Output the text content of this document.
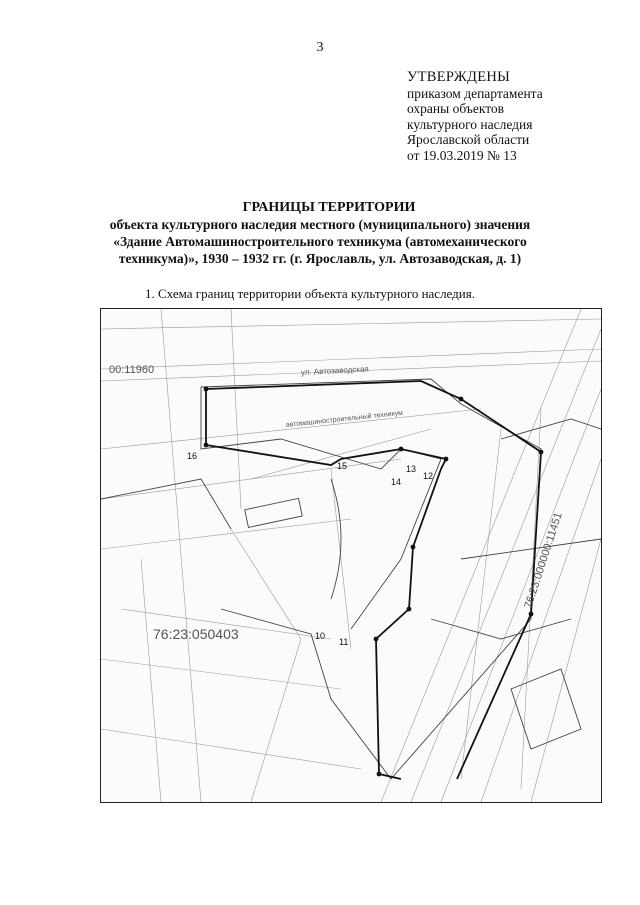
3
УТВЕРЖДЕНЫ
приказом департамента
охраны объектов
культурного наследия
Ярославской области
от 19.03.2019 № 13
ГРАНИЦЫ ТЕРРИТОРИИ
объекта культурного наследия местного (муниципального) значения
«Здание Автомашиностроительного техникума (автомеханического
техникума)», 1930 – 1932 гг. (г. Ярославль, ул. Автозаводская, д. 1)
1. Схема границ территории объекта культурного наследия.
16
15
14
13
12
11
10
00:11960	ул. Автозаводская
автомашиностроительный техникум
76:23:050403
76:23:000000:11451
